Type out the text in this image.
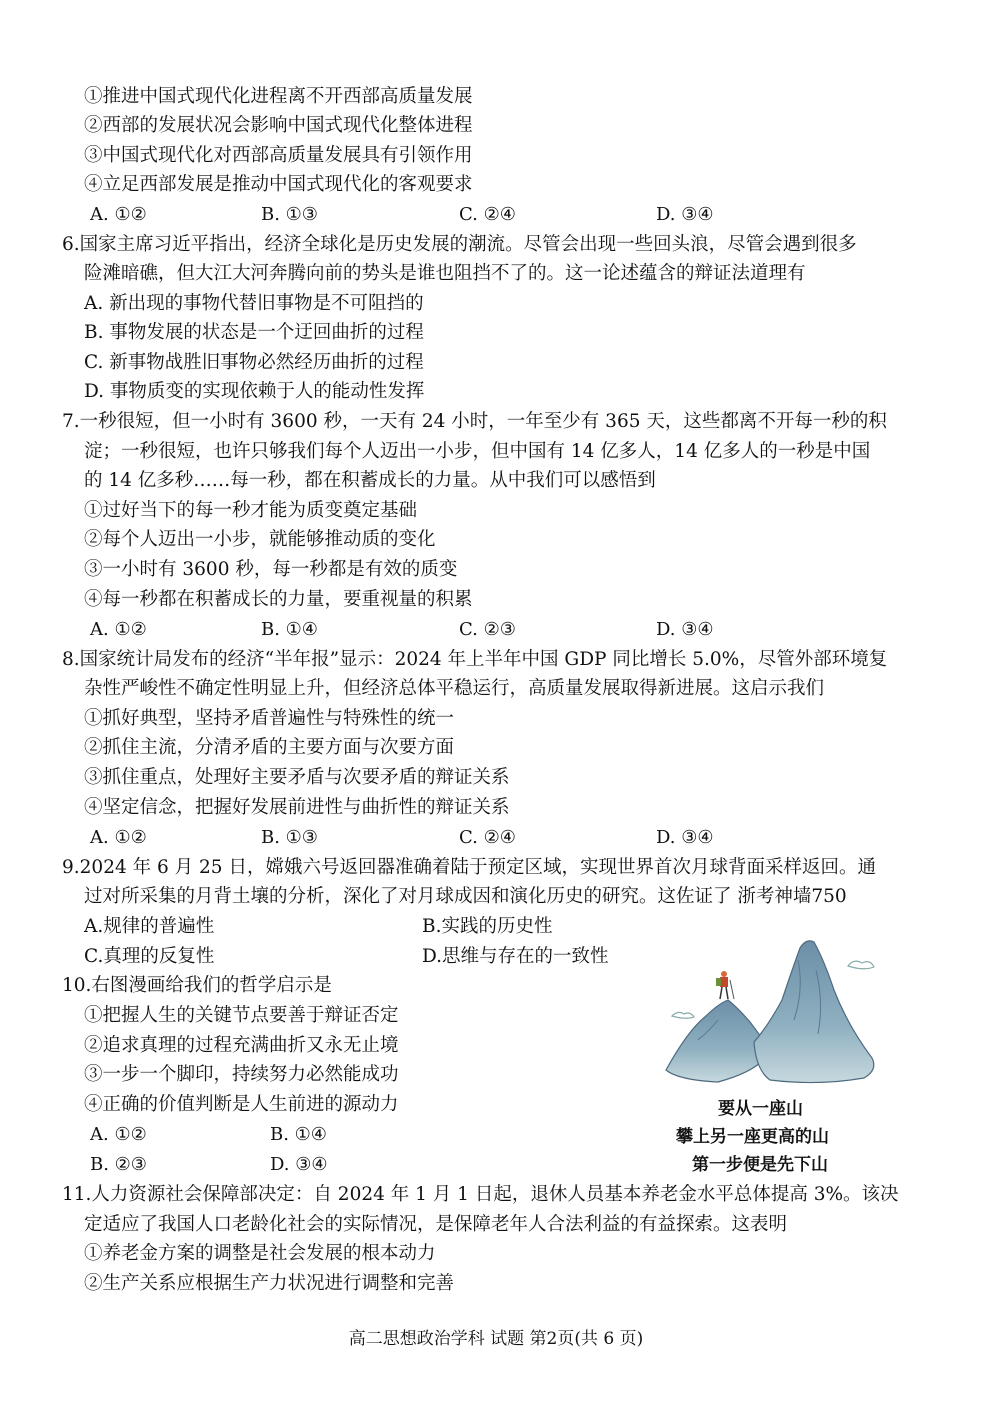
①推进中国式现代化进程离不开西部高质量发展
②西部的发展状况会影响中国式现代化整体进程
③中国式现代化对西部高质量发展具有引领作用
④立足西部发展是推动中国式现代化的客观要求
A. ①②	B. ①③	C. ②④	D. ③④
6.国家主席习近平指出，经济全球化是历史发展的潮流。尽管会出现一些回头浪，尽管会遇到很多
险滩暗礁，但大江大河奔腾向前的势头是谁也阻挡不了的。这一论述蕴含的辩证法道理有
A. 新出现的事物代替旧事物是不可阻挡的
B. 事物发展的状态是一个迂回曲折的过程
C. 新事物战胜旧事物必然经历曲折的过程
D. 事物质变的实现依赖于人的能动性发挥
7.一秒很短，但一小时有 3600 秒，一天有 24 小时，一年至少有 365 天，这些都离不开每一秒的积
淀；一秒很短，也许只够我们每个人迈出一小步，但中国有 14 亿多人，14 亿多人的一秒是中国
的 14 亿多秒……每一秒，都在积蓄成长的力量。从中我们可以感悟到
①过好当下的每一秒才能为质变奠定基础
②每个人迈出一小步，就能够推动质的变化
③一小时有 3600 秒，每一秒都是有效的质变
④每一秒都在积蓄成长的力量，要重视量的积累
A. ①②	B. ①④	C. ②③	D. ③④
8.国家统计局发布的经济“半年报”显示：2024 年上半年中国 GDP 同比增长 5.0%，尽管外部环境复
杂性严峻性不确定性明显上升，但经济总体平稳运行，高质量发展取得新进展。这启示我们
①抓好典型，坚持矛盾普遍性与特殊性的统一
②抓住主流，分清矛盾的主要方面与次要方面
③抓住重点，处理好主要矛盾与次要矛盾的辩证关系
④坚定信念，把握好发展前进性与曲折性的辩证关系
A. ①②	B. ①③	C. ②④	D. ③④
9.2024 年 6 月 25 日，嫦娥六号返回器准确着陆于预定区域，实现世界首次月球背面采样返回。通
过对所采集的月背土壤的分析，深化了对月球成因和演化历史的研究。这佐证了 浙考神墙750
A.规律的普遍性	B.实践的历史性
C.真理的反复性	D.思维与存在的一致性
10.右图漫画给我们的哲学启示是
①把握人生的关键节点要善于辩证否定
②追求真理的过程充满曲折又永无止境
③一步一个脚印，持续努力必然能成功
④正确的价值判断是人生前进的源动力
A. ①②	B. ①④
B. ②③	D. ③④
要从一座山
攀上另一座更高的山
第一步便是先下山
11.人力资源社会保障部决定：自 2024 年 1 月 1 日起，退休人员基本养老金水平总体提高 3%。该决
定适应了我国人口老龄化社会的实际情况，是保障老年人合法利益的有益探索。这表明
①养老金方案的调整是社会发展的根本动力
②生产关系应根据生产力状况进行调整和完善
高二思想政治学科 试题 第2页(共 6 页)
